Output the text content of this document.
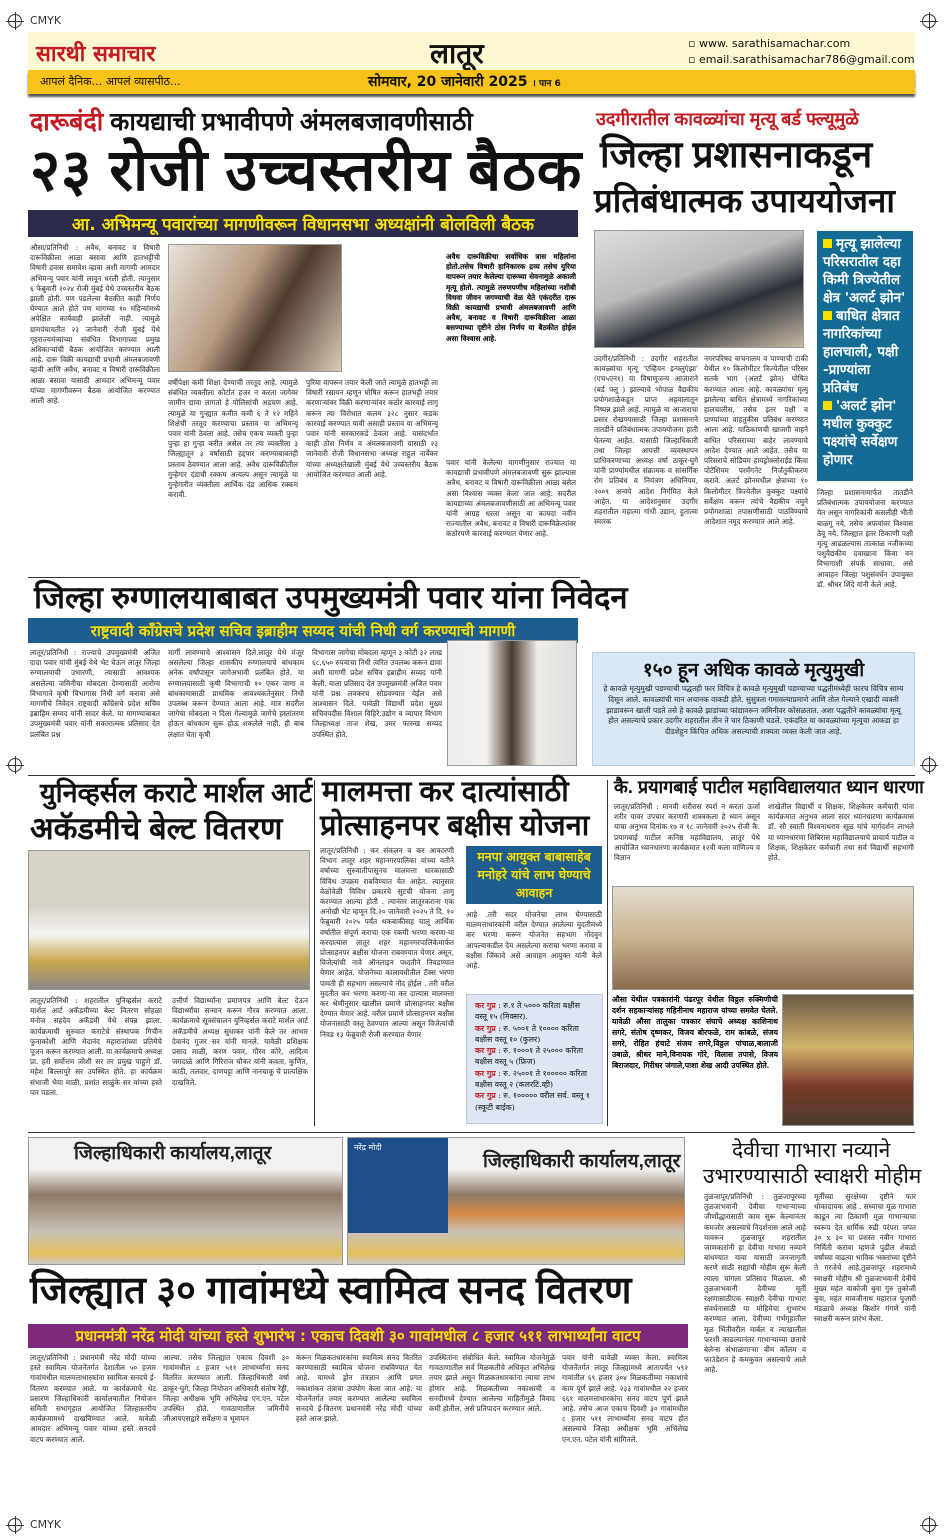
CMYK
CMYK
सारथी समाचार	लातूर	▫ www. sarathisamachar.com
▫ email.sarathisamachar786@gmail.com
आपलं दैनिक... आपलं व्यासपीठ...	सोमवार, 20 जानेवारी 2025 । पान 6
दारूबंदी कायद्याची प्रभावीपणे अंमलबजावणीसाठी
२३ रोजी उच्चस्तरीय बैठक
आ. अभिमन्यू पवारांच्या मागणीवरून विधानसभा अध्यक्षांनी बोलविली बैठक
औसा/प्रतिनिधी : अवैध, बनावट व विषारी दारूविक्रीला आळा बसावा आणि हातभट्टीची विषारी द्रवास समावेश व्हावा अशी मागणी आमदार अभिमन्यू पवार यांनी लावून धरली होती. त्यानुसार ६ फेब्रुवारी २०२४ रोजी मुंबई येथे उच्चस्तरीय बैठक झाली होती. पण पडलेल्या बैठकीत काही निर्णय घेण्यात आले होते पण मागच्या १० महिन्यांमध्ये अपेक्षित कार्यवाही झालेली नाही. त्यामुळे ग्रामपंचायतीत २३ जानेवारी रोजी मुंबई येथे गृहराज्यमंत्र्यांच्या संबंधित विभागाच्या प्रमुख अधिकाऱ्यांची बैठक आयोजित करण्यात आली आहे. दारू विक्री कायद्याची प्रभावी अंमलबजावणी व्हावी आणि अवैध, बनावट व विषारी दारूविक्रीला आळा बसावा यासाठी आमदार अभिमन्यू पवार यांच्या मागणीवरून बैठक आयोजित करण्यात आली आहे.
वर्षीपेक्षा कमी शिक्षा देण्याची तरतूद आहे. त्यामुळे संबंधित व्यक्तीला कोर्टात हजर न करता जागेवर जामीन द्यावा लागतो हे पोलिसांची अडचण आहे. त्यामुळे या गुन्ह्यात कमीत कमी ६ ते १२ महिने शिक्षेची तरतूद करण्याचा प्रस्ताव या अभिमन्यू पवार यांनी ठेवला आहे. तसेच एकच व्यक्ती पुन्हा पुन्हा हा गुन्हा करीत असेल तर त्या व्यक्तीला ३ जिल्ह्यातून ३ वर्षांसाठी हद्दपार करण्याबाबतही प्रस्ताव ठेवण्यात आला आहे. अवैध दारूविक्रीतील गुन्हेगार दंडाची रक्कम अत्यल्प असून त्यामुळे या गुन्हेगारीत व्यक्तीला आर्थिक दंड आधिक रक्कम करावी.
पुरिया वापरून तयार केली जाते त्यामुळे हातभट्टी ला विषारी रसायन म्हणून घोषित करून हातभट्टी तयार करणाऱ्यांवर विक्री करणाऱ्यांवर कठोर कारवाई लागू करून त्या विरोधात कलम ३२८ नुसार कडक कारवाई करण्यात यावी असाही प्रस्ताव या अभिमन्यू पवार यांनी सरकारकडे ठेवला आहे. यासंदर्भात काही ठोस निर्णय व अंमलबजावणी यासाठी २३ जानेवारी रोजी विधानसभा अध्यक्ष राहुल नार्वेकर यांच्या अध्यक्षतेखाली मुंबई येथे उच्चस्तरीय बैठक आयोजित करण्यात आली आहे.
अवैध दारूविक्रीचा सर्वाधिक त्रास महिलांना होतो.तसेच विषारी हानिकारक द्रव्य तसेच युरिया वापरून तयार केलेल्या दारूच्या सेवनामुळे अकाली मृत्यू होतो. त्यामुळे तरुणपणीच महिलांच्या नशीबी विधवा जीवन जगण्याची वेळ येते एकंदरीत दारू विक्री कायद्याची प्रभावी अंमलबजावणी आणि अवैध, बनावट व विषारी दारूविक्रीला आळा बसण्याच्या दृष्टीने ठोस निर्णय या बैठकीत होईल असा विश्वास आहे.
पवार यांनी केलेल्या मागणीनुसार राज्यात या कायद्याची प्रभावीपणे अंमलबजावणी सुरू झाल्यास अवैध, बनावट व विषारी दारूविक्रीला आळा बसेल असा विश्वास व्यक्त केला जात आहे. सदरील कायद्याच्या अंमलबजावणीसाठी आ अभिमन्यू पवार यांनी आग्रह धरला असून या कायदा नवीन राज्यातील अवैध, बनावट व विषारी दारूविक्रेत्यांवर कठोरपणे कारवाई करण्यात येणार आहे.
उदगीरातील कावळ्यांचा मृत्यू बर्ड फ्ल्यूमुळे
जिल्हा प्रशासनाकडून
प्रतिबंधात्मक उपाययोजना
मृत्यू झालेल्या परिसरातील दहा किमी त्रिज्येतील क्षेत्र 'अलर्ट झोन'
बाधित क्षेत्रात नागरिकांच्या हालचाली, पक्षी -प्राण्यांला प्रतिबंध
'अलर्ट झोन' मधील कुक्कुट पक्ष्यांचे सर्वेक्षण होणार
उदगीर/प्रतिनिधी : उदगीर शहरातील कावळ्यांचा मृत्यू 'एव्हियन इन्फ्लुएंझा' (एच५एन१) या विषाणूजन्य आजाराने (बर्ड फ्लू ) झाल्याचे भोपाळ वैद्यकीय प्रयोगशाळेकडून प्राप्त अहवालातून निष्पन्न झाले आहे. त्यामुळे या आजाराचा प्रसार रोखण्यासाठी जिल्हा प्रशासनाने तातडीने प्रतिबंधात्मक उपाययोजना हाती घेतल्या आहेत. यासाठी जिल्हाधिकारी तथा जिल्हा आपत्ती व्यवस्थापन प्राधिकरणाच्या अध्यक्ष वर्षा ठाकूर-घुगे यांनी प्राण्यांमधील संक्रामक व सांसर्गिक रोग प्रतिबंध व नियंत्रण अधिनियम, २००९ अन्वये आदेश निर्गमित केले आहेत. या आदेशानुसार उदगीर शहरातील महात्मा गांधी उद्यान, हुतात्मा स्मारक
नगरपरिषद वाचनालय व पाण्याची टाकी येथील १० किलोमीटर त्रिज्येतील परिसर सतर्क भाग (अलर्ट झोन) घोषित करण्यात आला आहे. कावळ्यांचा मृत्यू झालेल्या बाधित क्षेत्रामध्ये नागरिकांच्या हालचालीस, तसेच इतर पक्षी व प्राण्यांच्या वाहतुकीस प्रतिबंध करण्यात आला आहे. याठिकाणची खाजगी वाहने बाधित परिसराच्या बाहेर लावण्याचे आदेश देण्यात आले आहेत. तसेच या परिसराचे सोडियम हायड्रोक्लोराईड किंवा पोटॅशियम परमँगनेट निर्जंतुकीकरण करावे. अलर्ट झोनमधील क्षेत्राच्या १० किलोमीटर त्रिज्येतील कुक्कुट पक्ष्यांचे सर्वेक्षण करून त्यांचे वैद्यकीय नमुने प्रयोगशाळा तपासणीसाठी पाठविण्याचे आदेशात नमूद करण्यात आले आहे.
जिल्हा प्रशासनामार्फत तातडीने प्रतिबंधात्मक उपाययोजना करण्यात येत असून नागरिकांनी कसलीही भीती बाळगू नये, तसेच अफवांवर विश्वास ठेवू नये. जिल्ह्यात इतर ठिकाणी पक्षी मृत्यू आढळल्यास तात्काळ नजीकच्या पशुवैद्यकीय दवाखाना किंवा वन विभागाशी संपर्क साधावा, असे आवाहन जिल्हा पशुसंवर्धन उपायुक्त डॉ. श्रीधर शिंदे यांनी केले आहे.
१५० हून अधिक कावळे मृत्युमुखी
हे कावळे मृत्युमुखी पडण्याची पद्धतही फार विचित्र हे कावळे मृत्युमुखी पडण्याच्या पद्धतीमध्येही फारच विचित्र साम्य दिसून आले. कावळ्यांची मान अचानक वाकडी होते. सुसुत्रता गमावल्याप्रमाणे आणि तोल गेल्याने एखादी व्यक्ती झाडावरून खाली पडते तसे हे कावळे झाडांच्या फांद्यावरून जमिनीवर कोसळतात. अशा पद्धतीने कावळ्यांचा मृत्यू होत असल्याचे प्रकार उदगीर शहरातील तीन ते चार ठिकाणी घडले. एकंदरित या कावळ्यांच्या मृत्यूचा आकडा हा दीडशेहून किंचित अधिक असल्याची शक्यता व्यक्त केली जात आहे.
जिल्हा रुग्णालयाबाबत उपमुख्यमंत्री पवार यांना निवेदन
राष्ट्रवादी काँग्रेसचे प्रदेश सचिव इब्राहीम सय्यद यांची निधी वर्ग करण्याची मागणी
लातूर/प्रतिनिधी : राज्याचे उपमुख्यमंत्री अजित दादा पवार यांची मुंबई येथे भेट घेऊन लातूर जिल्हा रुग्णालयाची उभारणी, त्यासाठी आवश्यक असलेल्या जमिनीचा मोबदला देण्यासाठी आरोग्य विभागाने कृषी विभागास निधी वर्ग करावा असे मागणीचे निवेदन राष्ट्रवादी काँग्रेसचे प्रदेश सचिव इब्राहिम सय्यद यांनी सादर केले. या मागण्याबाबत उपमुख्यमंत्री पवार यांनी सकारात्मक प्रतिसाद देत प्रलंबित प्रश्न
मार्गी लावण्याचे आश्वासन दिले.लातूर येथे मंजूर असलेल्या जिल्हा शासकीय रुग्णालयाचे बांधकाम अनेक वर्षांपासून जागेअभावी प्रलंबित होते. या रुग्णालयासाठी कृषी विभागाची १० एकर जागा व बांधकामासाठी प्राथमिक आवश्यकतेनुसार निधी उपलब्ध करून देण्यात आला आहे. मात्र सदरील जागेचा मोबदला न दिला गेल्यामुळे जागेचे हस्तांतरण होऊन बांधकाम सुरू होऊ शकलेले नाही. ही बाब लक्षात घेता कृषी
विभागास जागेचा मोबदला म्हणून ३ कोटी ३२ लाख ६८,६५० रुपयाचा निधी त्वरित उपलब्ध करून द्यावा अशी मागणी प्रदेश सचिव इब्राहीम सय्यद यांनी केली. याला प्रतिसाद देत उपमुख्यमंत्री अजित पवार यांनी प्रश्न लवकरच सोडवण्यात येईल असे आश्वासन दिले. यावेळी विद्यार्थी प्रदेश मुख्य सचिवपदीस विशाल विहिरे,उद्योग व व्यापार विभाग जिल्हाध्यक्ष ताज शेख, उमर फारुख सय्यद उपस्थित होते.
युनिव्हर्सल कराटे मार्शल आर्ट
अकॅडमीचे बेल्ट वितरण
लातूर/प्रतिनिधी : शहरातील युनिव्हर्सल कराटे मार्शल आर्ट अकॅडमीच्या बेल्ट वितरण सोहळा मनोज सहदेव अकॅडमी येथे संपन्न झाला. कार्यक्रमाची सुरुवात कराटेचे संस्थापक गिचीन फुनाकोशी आणि मेदानंद महाराजांच्या प्रतिमेचे पूजन करून करण्यात आली. या कार्यक्रमाचे अध्यक्ष प्रा. हरी सर्वोत्तम जोशी सर तर प्रमुख पाहुणे डॉ. महेश बिल्लापुरे सर उपस्थित होते. हा कार्यक्रम संभाजी भैया माळी, प्रशांत साळुंके सर यांच्या हस्ते पार पडला.
उत्तीर्ण विद्यार्थ्यांना प्रमाणपत्र आणि बेल्ट देऊन विद्यार्थ्यांचा सन्मान करून गौरव करण्यात आला. कार्यक्रमाचे सूत्रसंचालन युनिव्हर्सल कराटे मार्शल आर्ट अकॅडमीचे अध्यक्ष सुधाकर यांनी केले तर आभार देवानंद गुजर सर यांनी मानले. यावेळी प्रशिक्षक प्रसाद माळी, करण पवार, गौरव कोरे, आदित्य जगदाळे आणि गिरिराज चौकर यांनी कवता, कुणिंत, काठी, तलवार, दाणपट्टा आणि नानचाकू चे प्रात्यक्षिक दाखविले.
मालमत्ता कर दात्यांसाठी
प्रोत्साहनपर बक्षीस योजना
लातूर/प्रतिनिधी : कर संकलन व कर आकारणी विभाग लातूर शहर महानगरपालिका यांच्या वतीने वर्षाच्या सुरुवातीपासूनच मालमत्ता धारकासाठी विविध उपक्रम राबविण्यात येत आहेत. त्यानुसार वेळोवेळी विविध प्रकारचे सुटची योजना लागू करण्यात आल्या होती . त्यानंतर लातूरकराना एक अनोखी भेट म्हणून दि.२० जानेवारी २०२५ ते दि. १० फेब्रुवारी २०२५ पर्यंत थकबाकीसह चालू आर्थिक वर्षातील संपूर्ण कराचा एक रकमी भरणा करणा-या करदात्यास लातूर शहर महानगरपालिकेमार्फत प्रोत्साहनपर बक्षीस योजना राबवण्यात येणार असून, विजेत्यांची नावे ऑनलाइन पध्दतीने निवडण्यात येणार आहेत. योजनेच्या कालावधीतील टॅक्स भरणा पावती ही सहभाग असल्याचे नोंद होईल . तरी वरील मुदतीत कर भरणा करणा-या कर दात्यास मालमत्ता कर श्रेणीनुसार खालील प्रमाणे प्रोत्साहनपर बक्षीस देण्यात येणार आहे. वरील प्रमाणे प्रोत्साहनपर बक्षीस योजनासाठी वस्तू ठेवण्यात आल्या असून विजेत्यांची निवड १३ फेब्रुवारी रोजी करण्यात येणार
मनपा आयुक्त बाबासाहेब मनोहरे यांचे लाभ घेण्याचे आवाहन
आहे .तरी सदर योजनेचा लाभ घेण्यासाठी मालमत्ताधारकांनी वरील देण्यात आलेल्या मुदतीमध्ये कर भरणा करून योजनेत सहभाग नोंदवुन आपल्याकडील देय असलेल्या कराचा भरणा करावा व बक्षीस जिंकावे असे आवाहन आयुक्त यांनी केले आहे.
कर गुप्र : रु.१ ते ५००० करिता बक्षीस वस्तू १५ (मिक्सर).
कर गुप्र : रु. ५००१ ते १०००० करिता बक्षीस वस्तू १० (कुलर)
कर गुप्र : रु. १०००१ ते २५००० करिता बक्षीस वस्तू ५ (फ्रिज)
कर गुप्र : रु. २५००१ ते १००००० करिता बक्षीस वस्तू २ (कलरटि.व्ही)
कर गुप्र : रु. १००००० वरील सर्व. वस्तू १ (स्कूटी बाईक)
कै. प्रयागबाई पाटील महाविद्यालयात ध्यान धारणा
लातूर/प्रतिनिधी : मानवी शरीरास स्पर्श न करता ऊर्जा शरीर यावर उपचार करणारी शास्त्रकला हे ध्यान असून याचा अनुभव दिनांक १७ व १८ जानेवारी २०२५ रोजी कै. प्रयागबाई पाटील कनिष्ठ महाविद्यालय, लातूर येथे आयोजित ध्यानधारणा कार्यक्रमात १२वी कला वाणिज्य व विज्ञान
शाखेतील विद्यार्थी व शिक्षक, शिक्षकेतर कर्मचारी यांना कार्यक्रमात अनुभव आला सदर ध्यानधारणा कार्यक्रमास डॉ. सौ स्वाती विश्वनाथराव सूळ यांचे मार्गदर्शन लाभले या ध्यानधारणा शिबिरास महाविद्यालयाचे प्राचार्य पाटील व शिक्षक, शिक्षकेतर कर्मचारी तथा सर्व विद्यार्थी सहभागी होते.
औसा येथील पत्रकारांनी पंढरपूर येथील विठ्ठल रुक्मिणीची दर्शन सहकाऱ्यांसह गहिनीनाथ महाराज यांच्या समवेत घेतले. यावेळी औसा तालुका पत्रकार संघाचे अध्यक्ष काशिनाथ सगरे, संतोष दृष्णकर, विजय बोरफळे, राम कांबळे, संजय सगरे, रोहित हंचाटे संजय सगरे,विठ्ठल पांचाळ,बालाजी उबाळे, श्रीधर माने,विनायक गोरे, विलास तपासे, विजय बिराजदार, गिरीधर जंगाले,पाशा शेख आदी उपस्थित होते.
जिल्हाधिकारी कार्यालय,लातूर	नरेंद्र मोदी
जिल्हाधिकारी कार्यालय,लातूर
जिल्ह्यात ३० गावांमध्ये स्वामित्व सनद वितरण
प्रधानमंत्री नरेंद्र मोदी यांच्या हस्ते शुभारंभ : एकाच दिवशी ३० गावांमधील ८ हजार ५११ लाभार्थ्यांना वाटप
लातूर/प्रतिनिधी : प्रधानमंत्री नरेंद्र मोदी यांच्या हस्ते स्वामित्व योजनेंतर्गत देशातील ५० हजार गावांमधील मालमत्ताधारकांना स्वामित्व सनदचे ई-वितरण करण्यात आले. या कार्यक्रमाचे थेट प्रसारण जिल्हाधिकारी कार्यालयातील नियोजन समिती सभागृहात आयोजित जिल्हास्तरीय कार्यक्रमामध्ये दाखविण्यात आले. यावेळी आमदार अभिमन्यू पवार यांच्या हस्ते सनदचे वाटप करण्यात आले.
आल्या. तसेच जिल्ह्यात एकाच दिवशी ३० गावांमधील ८ हजार ५११ लाभार्थ्यांना सनद वितरित करण्यात आली. जिल्हाधिकारी वर्षा ठाकूर-घुगे, जिल्हा नियोजन अधिकारी संतोष रेड्डी, जिल्हा अधीक्षक भूमि अभिलेख एन.एन. पटेल उपस्थित होते. गावठाणातील जमिनींचे जीआयएसद्वारे सर्वेक्षण व भूमापन
करून मिळकतधारकांना स्वामित्व सनद वितरित करण्यासाठी स्वामित्व योजना राबविण्यात येत आहे. यामध्ये ड्रोन तंत्रज्ञान आणि प्रगत नकाशांकन तंत्राचा उपयोग केला जात आहे. या योजनेंतर्गत तयार करण्यात आलेल्या स्वामित्व सनदचे ई-वितरण प्रधानमंत्री नरेंद्र मोदी यांच्या हस्ते आज झाले.
उपस्थितांना संबोधित केले. स्वामित्व योजनेमुळे गावठाणातील सर्व मिळकतींचे अधिकृत अभिलेख तयार झाले असून मिळकतधारकांना त्याचा लाभ होणार आहे. मिळकतीच्या नकाशाची व सनदीमध्ये देण्यात आलेल्या माहितीमुळे विवाद कमी होतील, असे प्रतिपादन करण्यात आले.
पवार यांनी यावेळी व्यक्त केला. स्वामित्व योजनेंतर्गत लातूर जिल्ह्यामध्ये आतापर्यंत ५९२ गावांतील ६९ हजार ३०४ मिळकतींच्या नकाशाचे काम पूर्ण झाले आहे. २३३ गावांमधील २२ हजार ६६१ मालमत्ताधारकांना सनद वाटप पूर्ण झाले आहे. तसेच आज एकाच दिवशी ३० गावांमधील ८ हजार ५११ लाभार्थ्यांना सनद वाटप होत असल्याचे जिल्हा अधीक्षक भूमि अभिलेख एन.एन. पटेल यांनी सांगितले.
देवीचा गाभारा नव्याने
उभारण्यासाठी स्वाक्षरी मोहीम
तुळजापूर/प्रतिनिधी : तुळजापूरच्या तुळजाभवानी देवीचा गाभाऱ्याच्या जीर्णोद्धारासाठी काम सुरू केल्यानंतर कमजोर असल्याचे निदर्शनास आले आहे यावरून तुळजापूर शहरातील जाणकारांनी हा देवीचा गाभारा नव्याने बांधण्यात यावा यासाठी जनजागृती करणे साठी सह्यांची मोहीम सुरू केली त्याला चांगला प्रतिसाद मिळाला. श्री तुळजाभवानी देवीच्या मूर्ती रक्षणासाठीएक स्वाक्षरी देवीचा गाभारा संवर्धनासाठी या मोहिमेचा शुभारंभ करण्यात आला. देवीच्या गर्भगृहातील मूळ भिंतीवरील मार्बल व त्याखालील फरशी काढल्यानंतर गाभाऱ्याच्या छताचे बेलेन्स संभाळणाऱ्या बीम कॉलम व फाउंडेशन हे कमकुवत असल्याचे आले आहे.
मूर्तीच्या सुरक्षेच्या दृष्टीने फार धोकादायक आहे . सध्याचा मूळ गाभारा काढून त्या ठिकाणी मूळ गाभाऱ्याचा स्वरूप देत धार्मिक रुढी परंपरा जपत ३० x ३० चा प्रशस्त नवीन गाभारा निर्मिती करावा म्हणजे पुढील शेकडो वर्षांच्या वाढत्या भाविक भक्तांच्या दृष्टीने ते गरजेचे आहे.तुळजापूर शहरामध्ये स्वाक्षरी मोहीम श्री तुळजाभवानी देवीचे मुख्य महंत वाकोजी बुवा गुरु तुकोजी बुवा, महंत मावजीनाथ महाराज पुजारी मंडळाचे अध्यक्ष किशोर गंगणे यांनी स्वाक्षरी करून प्रारंभ केला.
